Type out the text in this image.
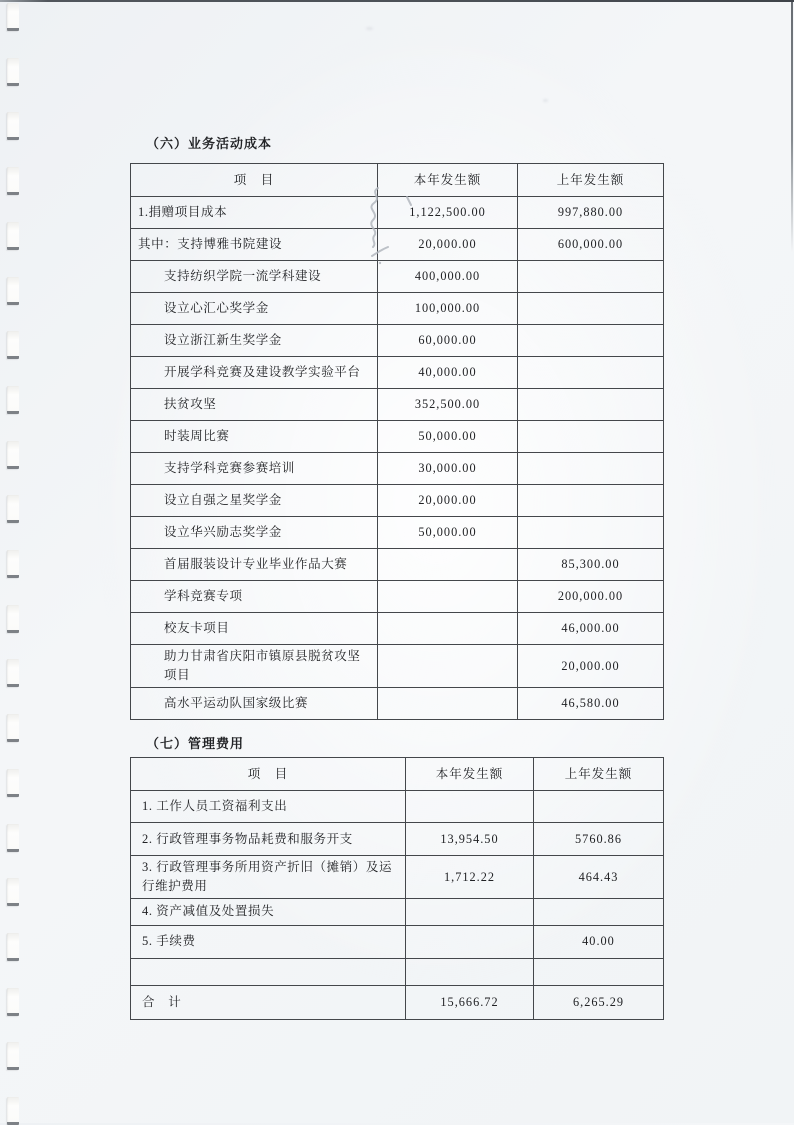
（六）业务活动成本
项　目	本年发生额	上年发生额
1.捐赠项目成本	1,122,500.00	997,880.00
其中：支持博雅书院建设	20,000.00	600,000.00
支持纺织学院一流学科建设	400,000.00	
设立心汇心奖学金	100,000.00	
设立浙江新生奖学金	60,000.00	
开展学科竞赛及建设教学实验平台	40,000.00	
扶贫攻坚	352,500.00	
时装周比赛	50,000.00	
支持学科竞赛参赛培训	30,000.00	
设立自强之星奖学金	20,000.00	
设立华兴励志奖学金	50,000.00	
首届服装设计专业毕业作品大赛		85,300.00
学科竞赛专项		200,000.00
校友卡项目		46,000.00
助力甘肃省庆阳市镇原县脱贫攻坚项目		20,000.00
高水平运动队国家级比赛		46,580.00
（七）管理费用
项　目	本年发生额	上年发生额
1. 工作人员工资福利支出		
2. 行政管理事务物品耗费和服务开支	13,954.50	5760.86
3. 行政管理事务所用资产折旧（摊销）及运行维护费用	1,712.22	464.43
4. 资产减值及处置损失		
5. 手续费		40.00

合　计	15,666.72	6,265.29
